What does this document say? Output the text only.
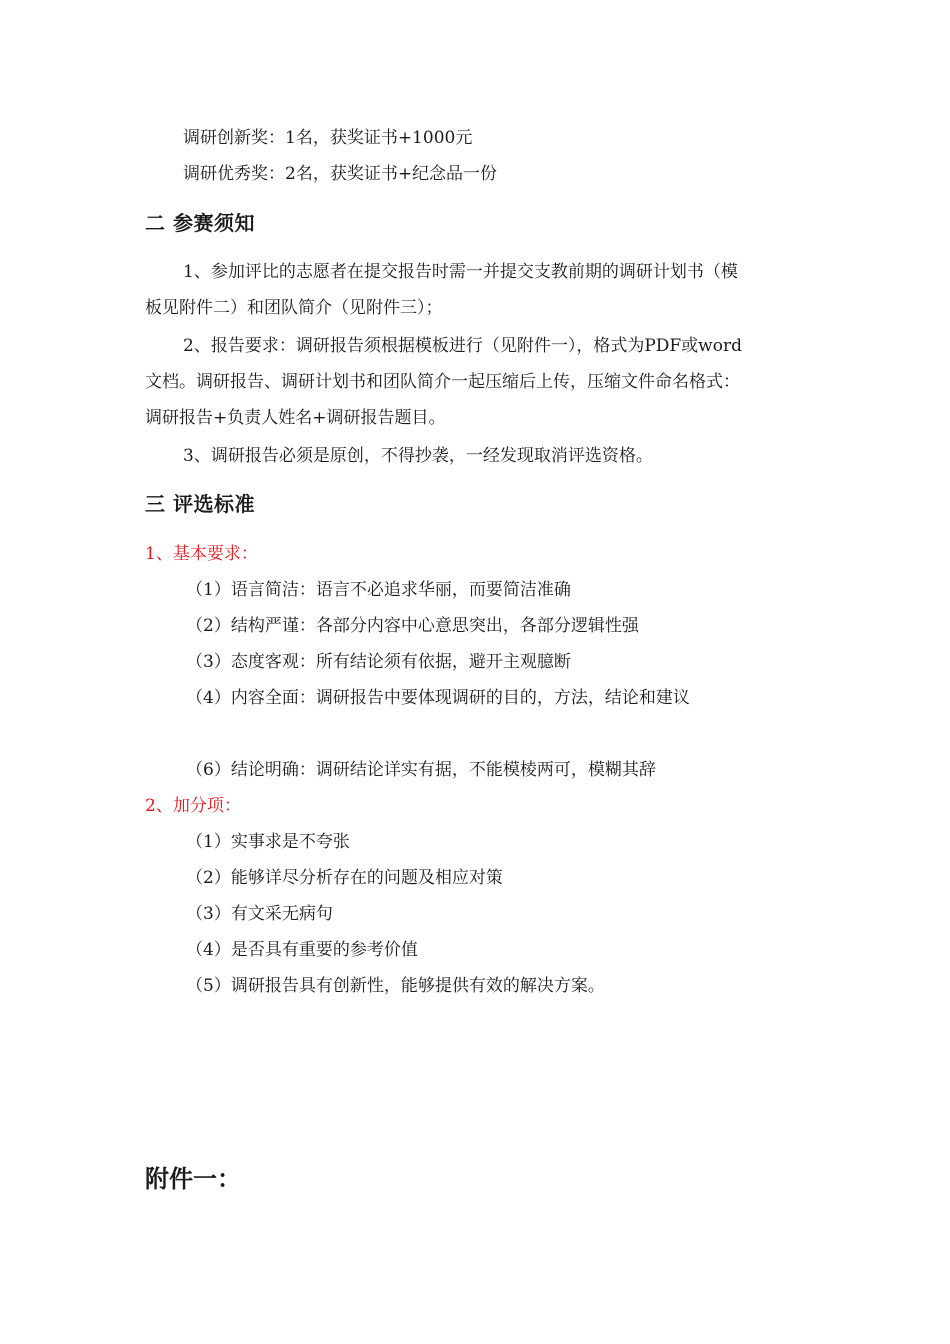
调研创新奖：1名，获奖证书+1000元
调研优秀奖：2名，获奖证书+纪念品一份
二 参赛须知
1、参加评比的志愿者在提交报告时需一并提交支教前期的调研计划书（模
板见附件二）和团队简介（见附件三）；
2、报告要求：调研报告须根据模板进行（见附件一），格式为PDF或word
文档。调研报告、调研计划书和团队简介一起压缩后上传，压缩文件命名格式：
调研报告+负责人姓名+调研报告题目。
3、调研报告必须是原创，不得抄袭，一经发现取消评选资格。
三 评选标准
1、基本要求：
（1）语言简洁：语言不必追求华丽，而要简洁准确
（2）结构严谨：各部分内容中心意思突出，各部分逻辑性强
（3）态度客观：所有结论须有依据，避开主观臆断
（4）内容全面：调研报告中要体现调研的目的，方法，结论和建议
（6）结论明确：调研结论详实有据，不能模棱两可，模糊其辞
2、加分项：
（1）实事求是不夸张
（2）能够详尽分析存在的问题及相应对策
（3）有文采无病句
（4）是否具有重要的参考价值
（5）调研报告具有创新性，能够提供有效的解决方案。
附件一：
